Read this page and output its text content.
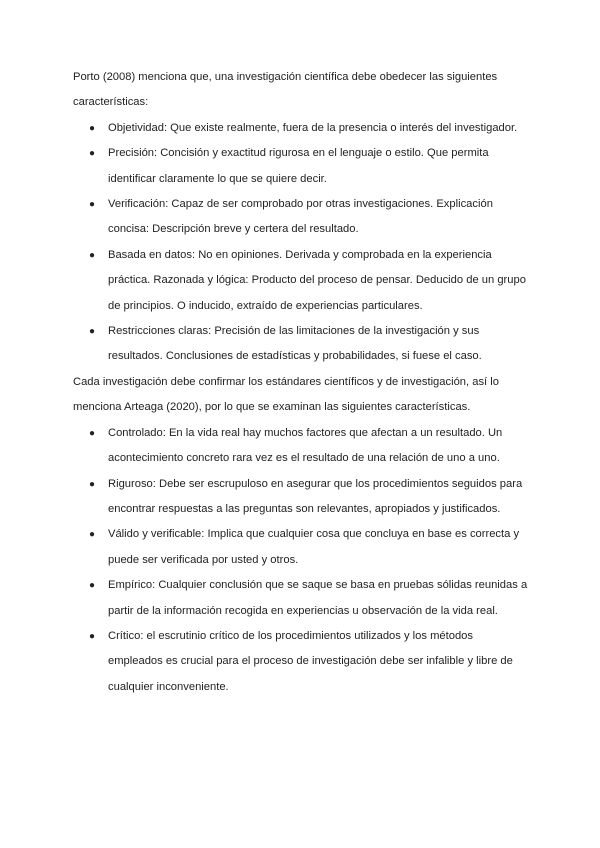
Porto (2008) menciona que, una investigación científica debe obedecer las siguientes características:

● Objetividad: Que existe realmente, fuera de la presencia o interés del investigador.
● Precisión: Concisión y exactitud rigurosa en el lenguaje o estilo. Que permita identificar claramente lo que se quiere decir.
● Verificación: Capaz de ser comprobado por otras investigaciones. Explicación concisa: Descripción breve y certera del resultado.
● Basada en datos: No en opiniones. Derivada y comprobada en la experiencia práctica. Razonada y lógica: Producto del proceso de pensar. Deducido de un grupo de principios. O inducido, extraído de experiencias particulares.
● Restricciones claras: Precisión de las limitaciones de la investigación y sus resultados. Conclusiones de estadísticas y probabilidades, si fuese el caso.

Cada investigación debe confirmar los estándares científicos y de investigación, así lo menciona Arteaga (2020), por lo que se examinan las siguientes características.

● Controlado: En la vida real hay muchos factores que afectan a un resultado. Un acontecimiento concreto rara vez es el resultado de una relación de uno a uno.
● Riguroso: Debe ser escrupuloso en asegurar que los procedimientos seguidos para encontrar respuestas a las preguntas son relevantes, apropiados y justificados.
● Válido y verificable: Implica que cualquier cosa que concluya en base es correcta y puede ser verificada por usted y otros.
● Empírico: Cualquier conclusión que se saque se basa en pruebas sólidas reunidas a partir de la información recogida en experiencias u observación de la vida real.
● Crítico: el escrutinio crítico de los procedimientos utilizados y los métodos empleados es crucial para el proceso de investigación debe ser infalible y libre de cualquier inconveniente.
